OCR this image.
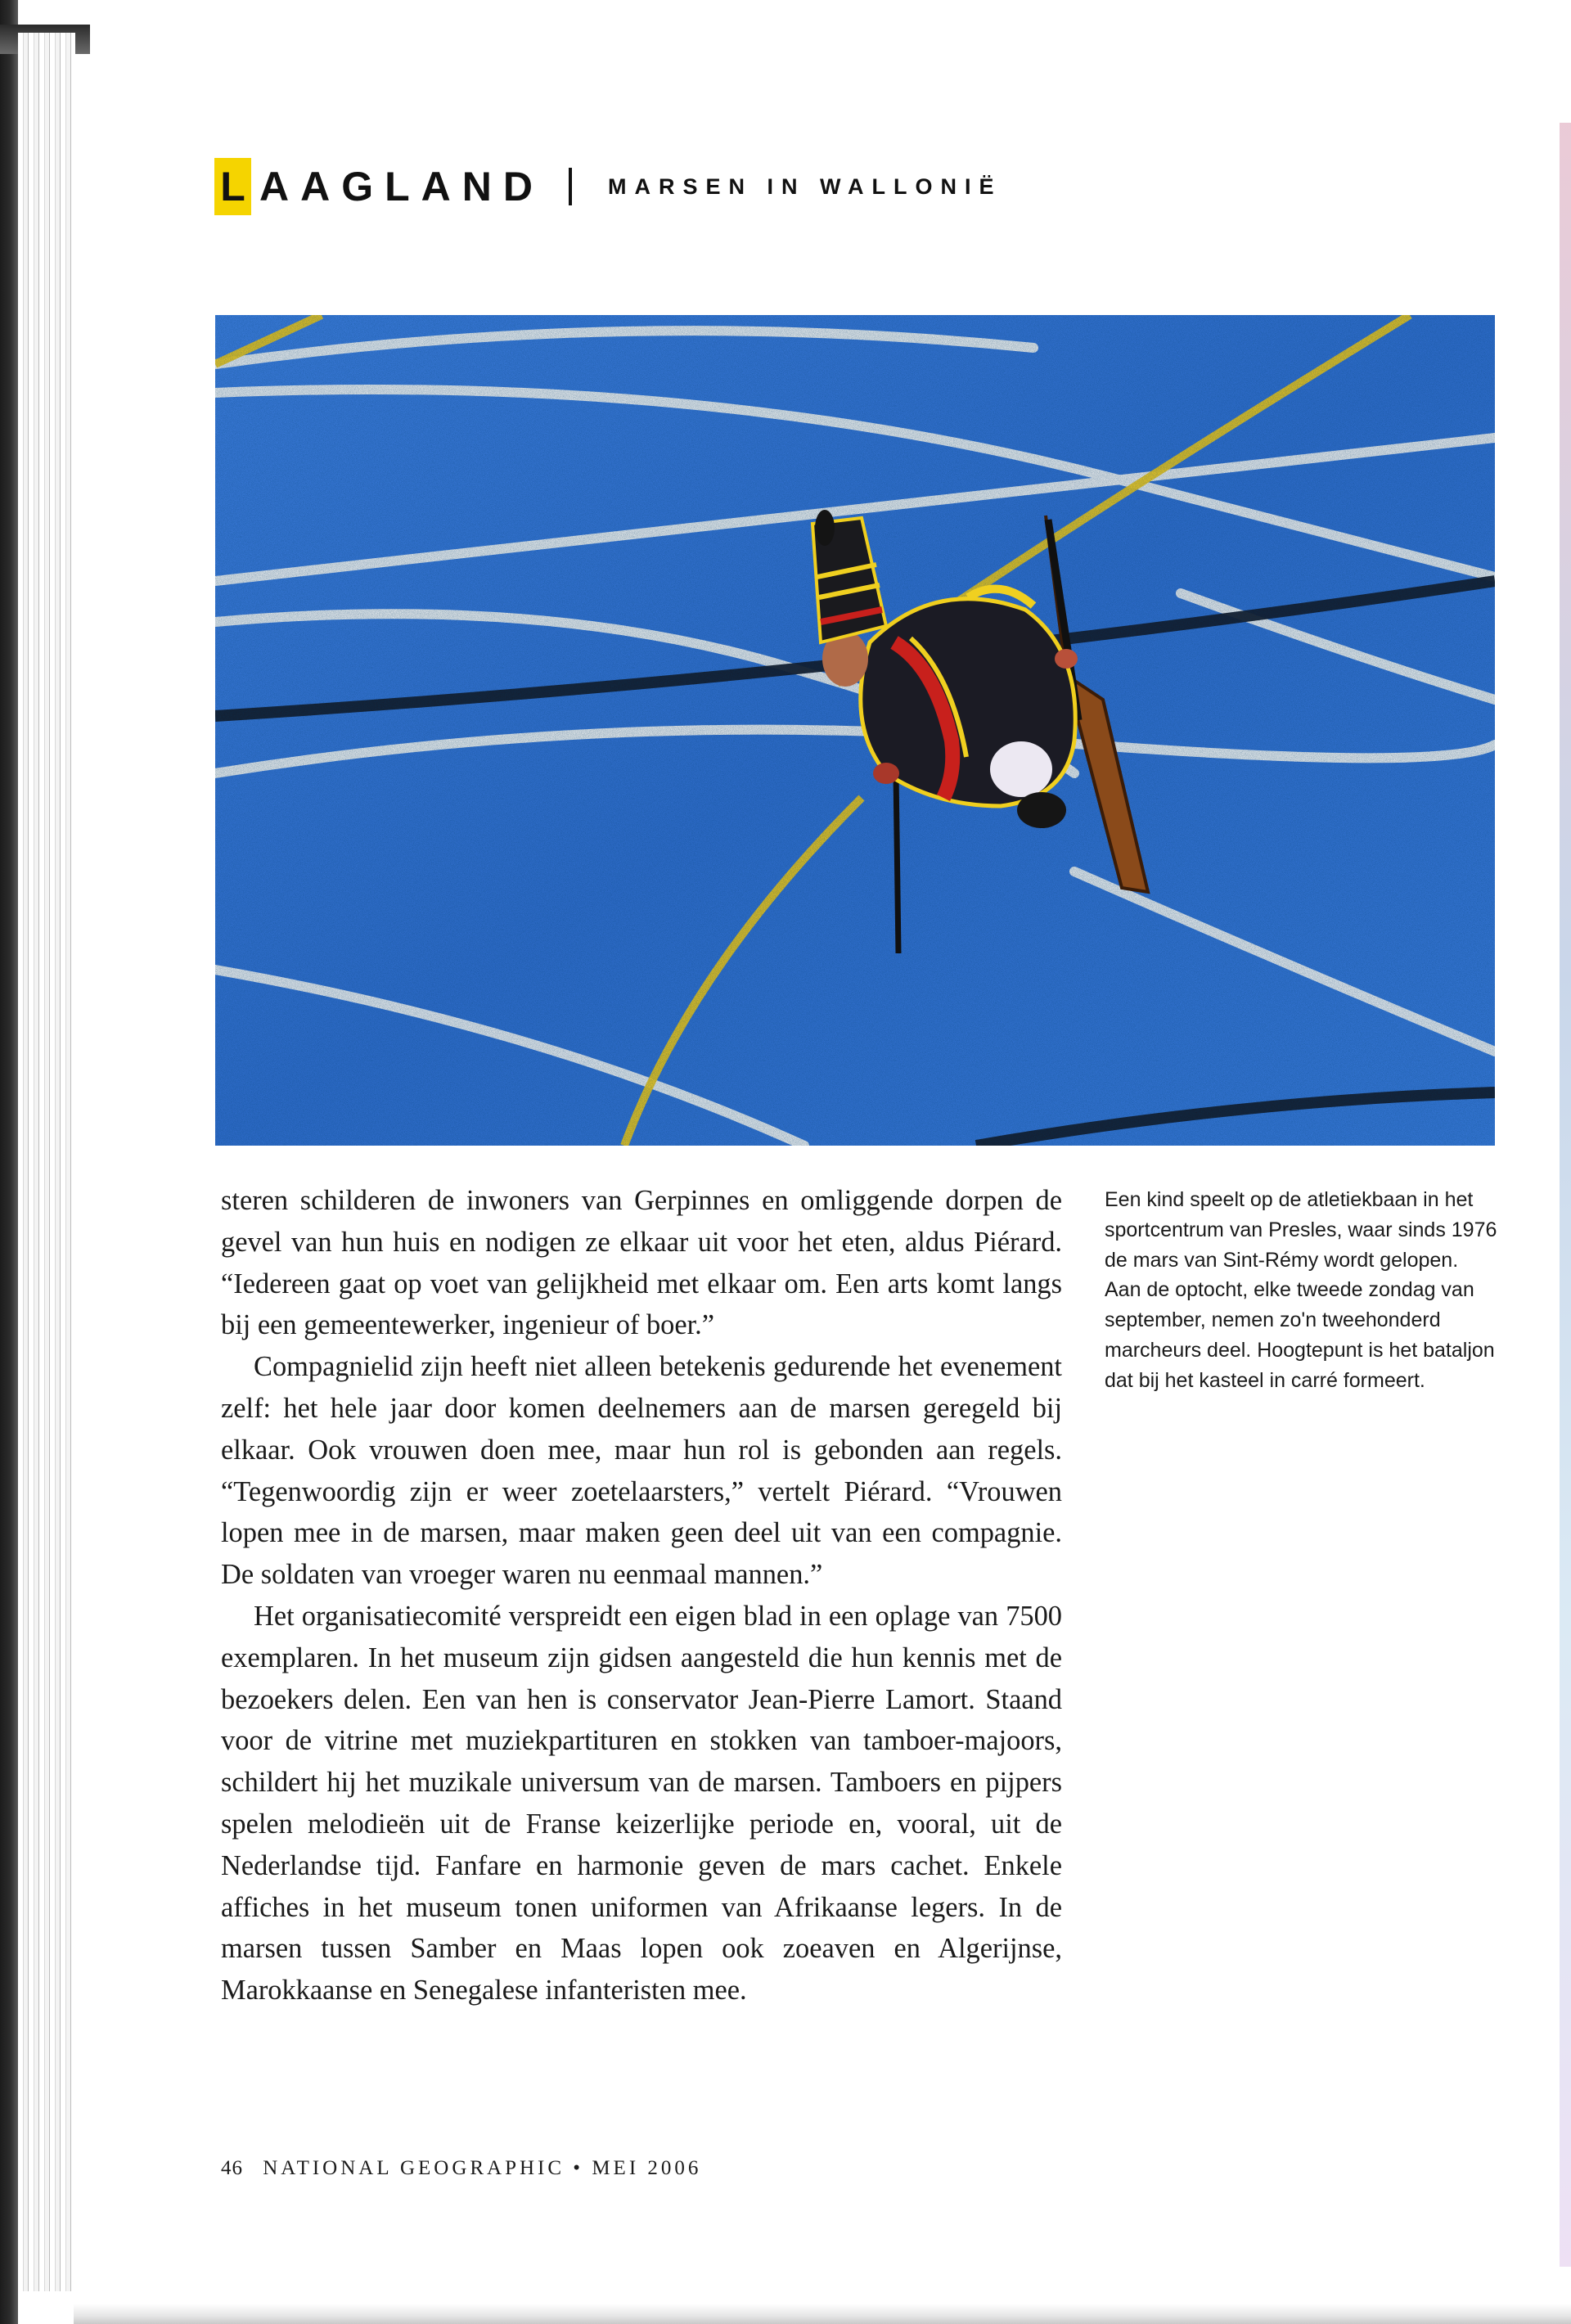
L AAGLAND	MARSEN IN WALLONIË

steren schilderen de inwoners van Gerpinnes en omliggende dorpen de gevel van hun huis en nodigen ze elkaar uit voor het eten, aldus Piérard. “Iedereen gaat op voet van gelijkheid met elkaar om. Een arts komt langs bij een gemeentewerker, ingenieur of boer.”

Compagnielid zijn heeft niet alleen betekenis gedurende het evenement zelf: het hele jaar door komen deelnemers aan de marsen geregeld bij elkaar. Ook vrouwen doen mee, maar hun rol is gebonden aan regels. “Tegenwoordig zijn er weer zoetelaarsters,” vertelt Piérard. “Vrouwen lopen mee in de marsen, maar maken geen deel uit van een compagnie. De soldaten van vroeger waren nu eenmaal mannen.”

Het organisatiecomité verspreidt een eigen blad in een oplage van 7500 exemplaren. In het museum zijn gidsen aangesteld die hun kennis met de bezoekers delen. Een van hen is conservator Jean-Pierre Lamort. Staand voor de vitrine met muziekpartituren en stokken van tamboer-majoors, schildert hij het muzikale universum van de marsen. Tamboers en pijpers spelen melodieën uit de Franse keizerlijke periode en, vooral, uit de Nederlandse tijd. Fanfare en harmonie geven de mars cachet. Enkele affiches in het museum tonen uniformen van Afrikaanse legers. In de marsen tussen Samber en Maas lopen ook zoeaven en Algerijnse, Marokkaanse en Senegalese infanteristen mee.

Een kind speelt op de atletiekbaan in het sportcentrum van Presles, waar sinds 1976 de mars van Sint-Rémy wordt gelopen. Aan de optocht, elke tweede zondag van september, nemen zo'n tweehonderd marcheurs deel. Hoogtepunt is het bataljon dat bij het kasteel in carré formeert.
46 NATIONAL GEOGRAPHIC • MEI 2006
